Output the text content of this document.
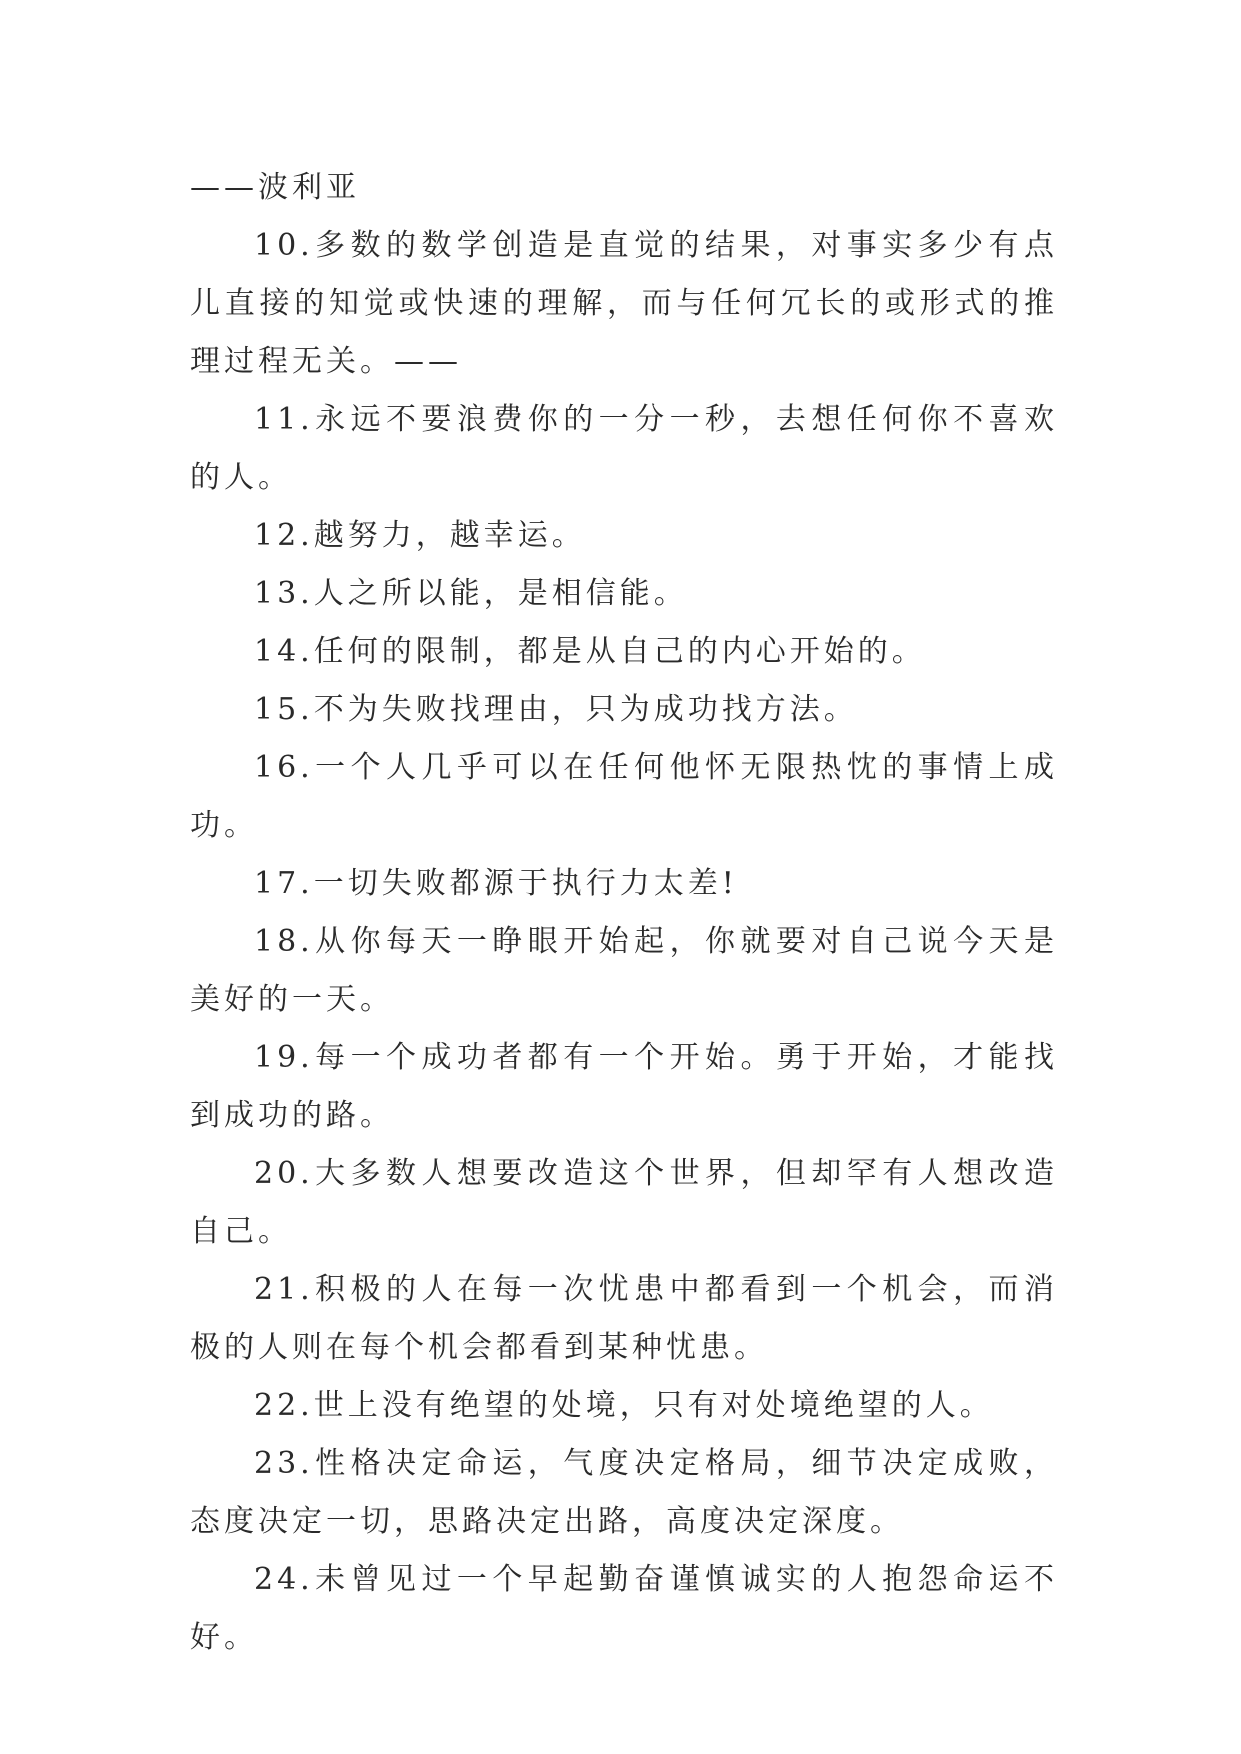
——波利亚

10.多数的数学创造是直觉的结果，对事实多少有点儿直接的知觉或快速的理解，而与任何冗长的或形式的推理过程无关。——

11.永远不要浪费你的一分一秒，去想任何你不喜欢的人。

12.越努力，越幸运。

13.人之所以能，是相信能。

14.任何的限制，都是从自己的内心开始的。

15.不为失败找理由，只为成功找方法。

16.一个人几乎可以在任何他怀无限热忱的事情上成功。

17.一切失败都源于执行力太差!

18.从你每天一睁眼开始起，你就要对自己说今天是美好的一天。

19.每一个成功者都有一个开始。勇于开始，才能找到成功的路。

20.大多数人想要改造这个世界，但却罕有人想改造自己。

21.积极的人在每一次忧患中都看到一个机会，而消极的人则在每个机会都看到某种忧患。

22.世上没有绝望的处境，只有对处境绝望的人。

23.性格决定命运，气度决定格局，细节决定成败，态度决定一切，思路决定出路，高度决定深度。

24.未曾见过一个早起勤奋谨慎诚实的人抱怨命运不好。
